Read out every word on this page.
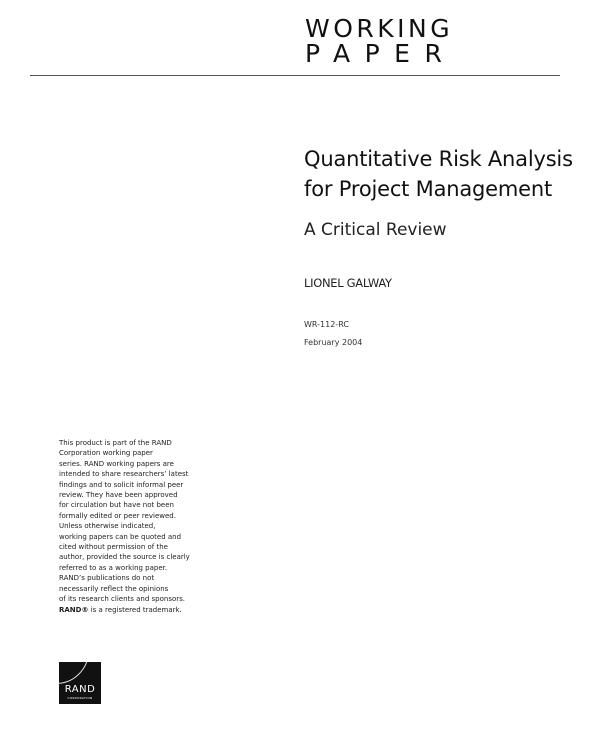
WORKING
PAPER
Quantitative Risk Analysis
for Project Management
A Critical Review
LIONEL GALWAY
WR-112-RC
February 2004
This product is part of the RAND
Corporation working paper
series. RAND working papers are
intended to share researchers’ latest
findings and to solicit informal peer
review. They have been approved
for circulation but have not been
formally edited or peer reviewed.
Unless otherwise indicated,
working papers can be quoted and
cited without permission of the
author, provided the source is clearly
referred to as a working paper.
RAND’s publications do not
necessarily reflect the opinions
of its research clients and sponsors.
RAND® is a registered trademark.
RAND
CORPORATION
